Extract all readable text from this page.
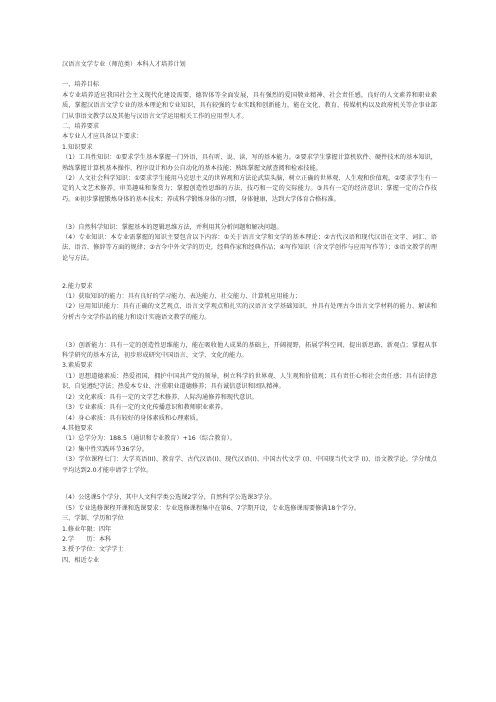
汉语言文学专业（师范类）本科人才培养计划

一、培养目标

本专业培养适应我国社会主义现代化建设需要，德智体等全面发展，具有强烈的爱国敬业精神、社会责任感，良好的人文素养和职业素质，掌握汉语言文学专业的基本理论和专业知识，具有较强的专业实践和创新能力，能在文化、教育、传媒机构以及政府机关等企事业部门从事语文教学以及其他与汉语言文学运用相关工作的应用型人才。

二、培养要求

本专业人才应具备以下要求：

1.知识要求

（1）工具性知识：①要求学生基本掌握一门外语，具有听、说、读、写的基本能力。②要求学生掌握计算机软件、硬件技术的基本知识，熟练掌握计算机基本操作、程序设计和办公自动化的基本技能；熟练掌握文献查阅和检索技能。

（2）人文社会科学知识：①要求学生能用马克思主义的世界观和方法论武装头脑，树立正确的世界观、人生观和价值观。②要求学生有一定的人文艺术修养，审美趣味和鉴赏力；掌握创造性思维的方法、技巧和一定的交际能力。③具有一定的经济意识；掌握一定的合作技巧。④初步掌握锻炼身体的基本技术；养成科学锻炼身体的习惯，身体健康，达到大学体育合格标准。

（3）自然科学知识：掌握基本的逻辑思维方法，并利用其分析问题和解决问题。

（4）专业知识：本专业需掌握的知识主要包含以下内容：①关于语言文学和文学的基本理论；②古代汉语和现代汉语在文字、词汇、语法、语音、修辞等方面的规律；③古今中外文学的历史，经典作家和经典作品；④写作知识（含文学创作与应用写作等）；⑤语文教学的理论与方法。

2.能力要求

（1）获取知识的能力：具有良好的学习能力、表达能力、社交能力、计算机应用能力；

（2）应用知识能力：具有正确的文艺观点、语言文学观点和扎实的汉语言文学基础知识，并具有处理古今语言文学材料的能力、解读和分析古今文学作品的能力和设计实施语文教学的能力。

（3）创新能力：具有一定的创造性思维能力，能在吸收他人成果的基础上，开阔视野，拓展学科空间，提出新思路、新观点；掌握从事科学研究的基本方法，初步形成研究中国语言、文学、文化的能力。

3.素质要求

（1）思想道德素质：热爱祖国，拥护中国共产党的领导，树立科学的世界观、人生观和价值观；具有责任心和社会责任感；具有法律意识，自觉遵纪守法；热爱本专业、注重职业道德修养；具有诚信意识和团队精神。

（2）文化素质：具有一定的文学艺术修养、人际沟通修养和现代意识。

（3）专业素质：具有一定的文化传播意识和教师职业素养。

（4）身心素质：具有较好的身体素质和心理素质。

4.其他要求

（1）总学分为：188.5（通识和专业教育）+16（综合教育）。

（2）集中性实践环节36学分。

（3）学位课程七门：大学英语(II)、教育学、古代汉语(I)、现代汉语(I)、中国古代文学 (I)、中国现当代文学 (I)、语文教学论。学分绩点平均达到2.0才能申请学士学位。

（4）公选课5个学分，其中人文科学类公选课2学分，自然科学公选课3学分。

（5）专业选修课程开课和选课要求：专业选修课程集中在第6、7学期开设，专业选修课需要修满18个学分。

三、学制、学历和学位

1.修业年限：四年

2.学　　历：本科

3.授予学位：文学学士

四、相近专业
